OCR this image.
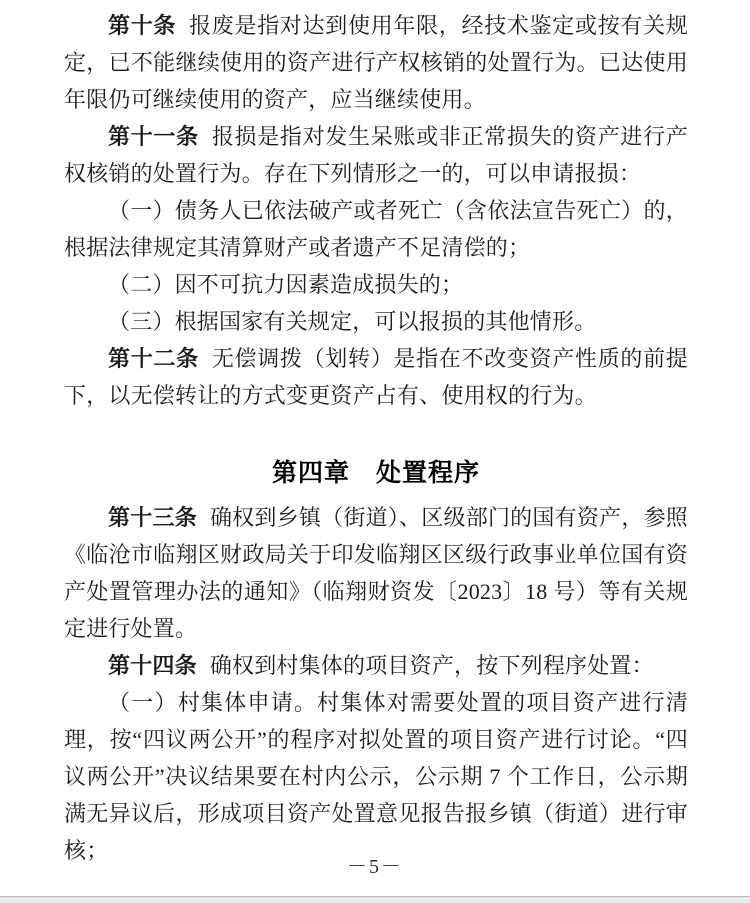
第十条 报废是指对达到使用年限，经技术鉴定或按有关规定，已不能继续使用的资产进行产权核销的处置行为。已达使用年限仍可继续使用的资产，应当继续使用。

第十一条 报损是指对发生呆账或非正常损失的资产进行产权核销的处置行为。存在下列情形之一的，可以申请报损：

（一）债务人已依法破产或者死亡（含依法宣告死亡）的，根据法律规定其清算财产或者遗产不足清偿的；

（二）因不可抗力因素造成损失的；

（三）根据国家有关规定，可以报损的其他情形。

第十二条 无偿调拨（划转）是指在不改变资产性质的前提下，以无偿转让的方式变更资产占有、使用权的行为。

第四章　处置程序

第十三条 确权到乡镇（街道）、区级部门的国有资产，参照《临沧市临翔区财政局关于印发临翔区区级行政事业单位国有资产处置管理办法的通知》（临翔财资发〔2023〕18 号）等有关规定进行处置。

第十四条 确权到村集体的项目资产，按下列程序处置：

（一）村集体申请。村集体对需要处置的项目资产进行清理，按“四议两公开”的程序对拟处置的项目资产进行讨论。“四议两公开”决议结果要在村内公示，公示期 7 个工作日，公示期满无异议后，形成项目资产处置意见报告报乡镇（街道）进行审核；

－5－
